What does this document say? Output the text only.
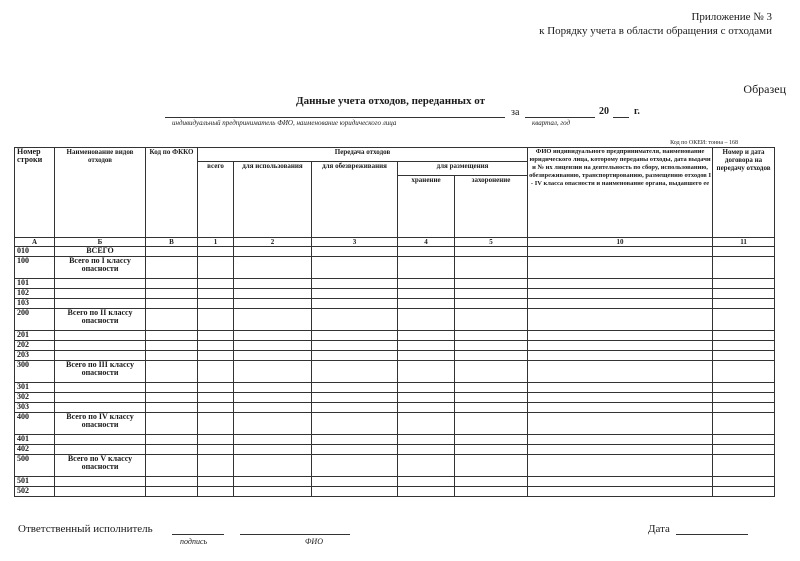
Приложение № 3
к Порядку учета в области обращения с отходами
Образец
Данные учета отходов, переданных от
индивидуальный предприниматель ФИО, наименование юридического лица
за
квартал, год
20	г.
Код по ОКЕИ: тонна – 168
Номер строки	Наименование видов отходов	Код по ФККО	Передача отходов					ФИО индивидуального предпринимателя, наименование юридического лица, которому переданы отходы, дата выдачи и № их лицензии на деятельность по сбору, использованию, обезвреживанию, транспортированию, размещению отходов I - IV класса опасности и наименование органа, выдавшего ее	Номер и дата договора на передачу отходов
			всего	для использования	для обезвреживания	для размещения			
						хранение	захоронение		
А	Б	В	1	2	3	4	5	10	11
010	ВСЕГО								
100	Всего по I классу опасности								
101									
102									
103									
200	Всего по II классу опасности								
201									
202									
203									
300	Всего по III классу опасности								
301									
302									
303									
400	Всего по IV классу опасности								
401									
402									
500	Всего по V классу опасности								
501									
502									
Ответственный исполнитель
подпись	ФИО
Дата
